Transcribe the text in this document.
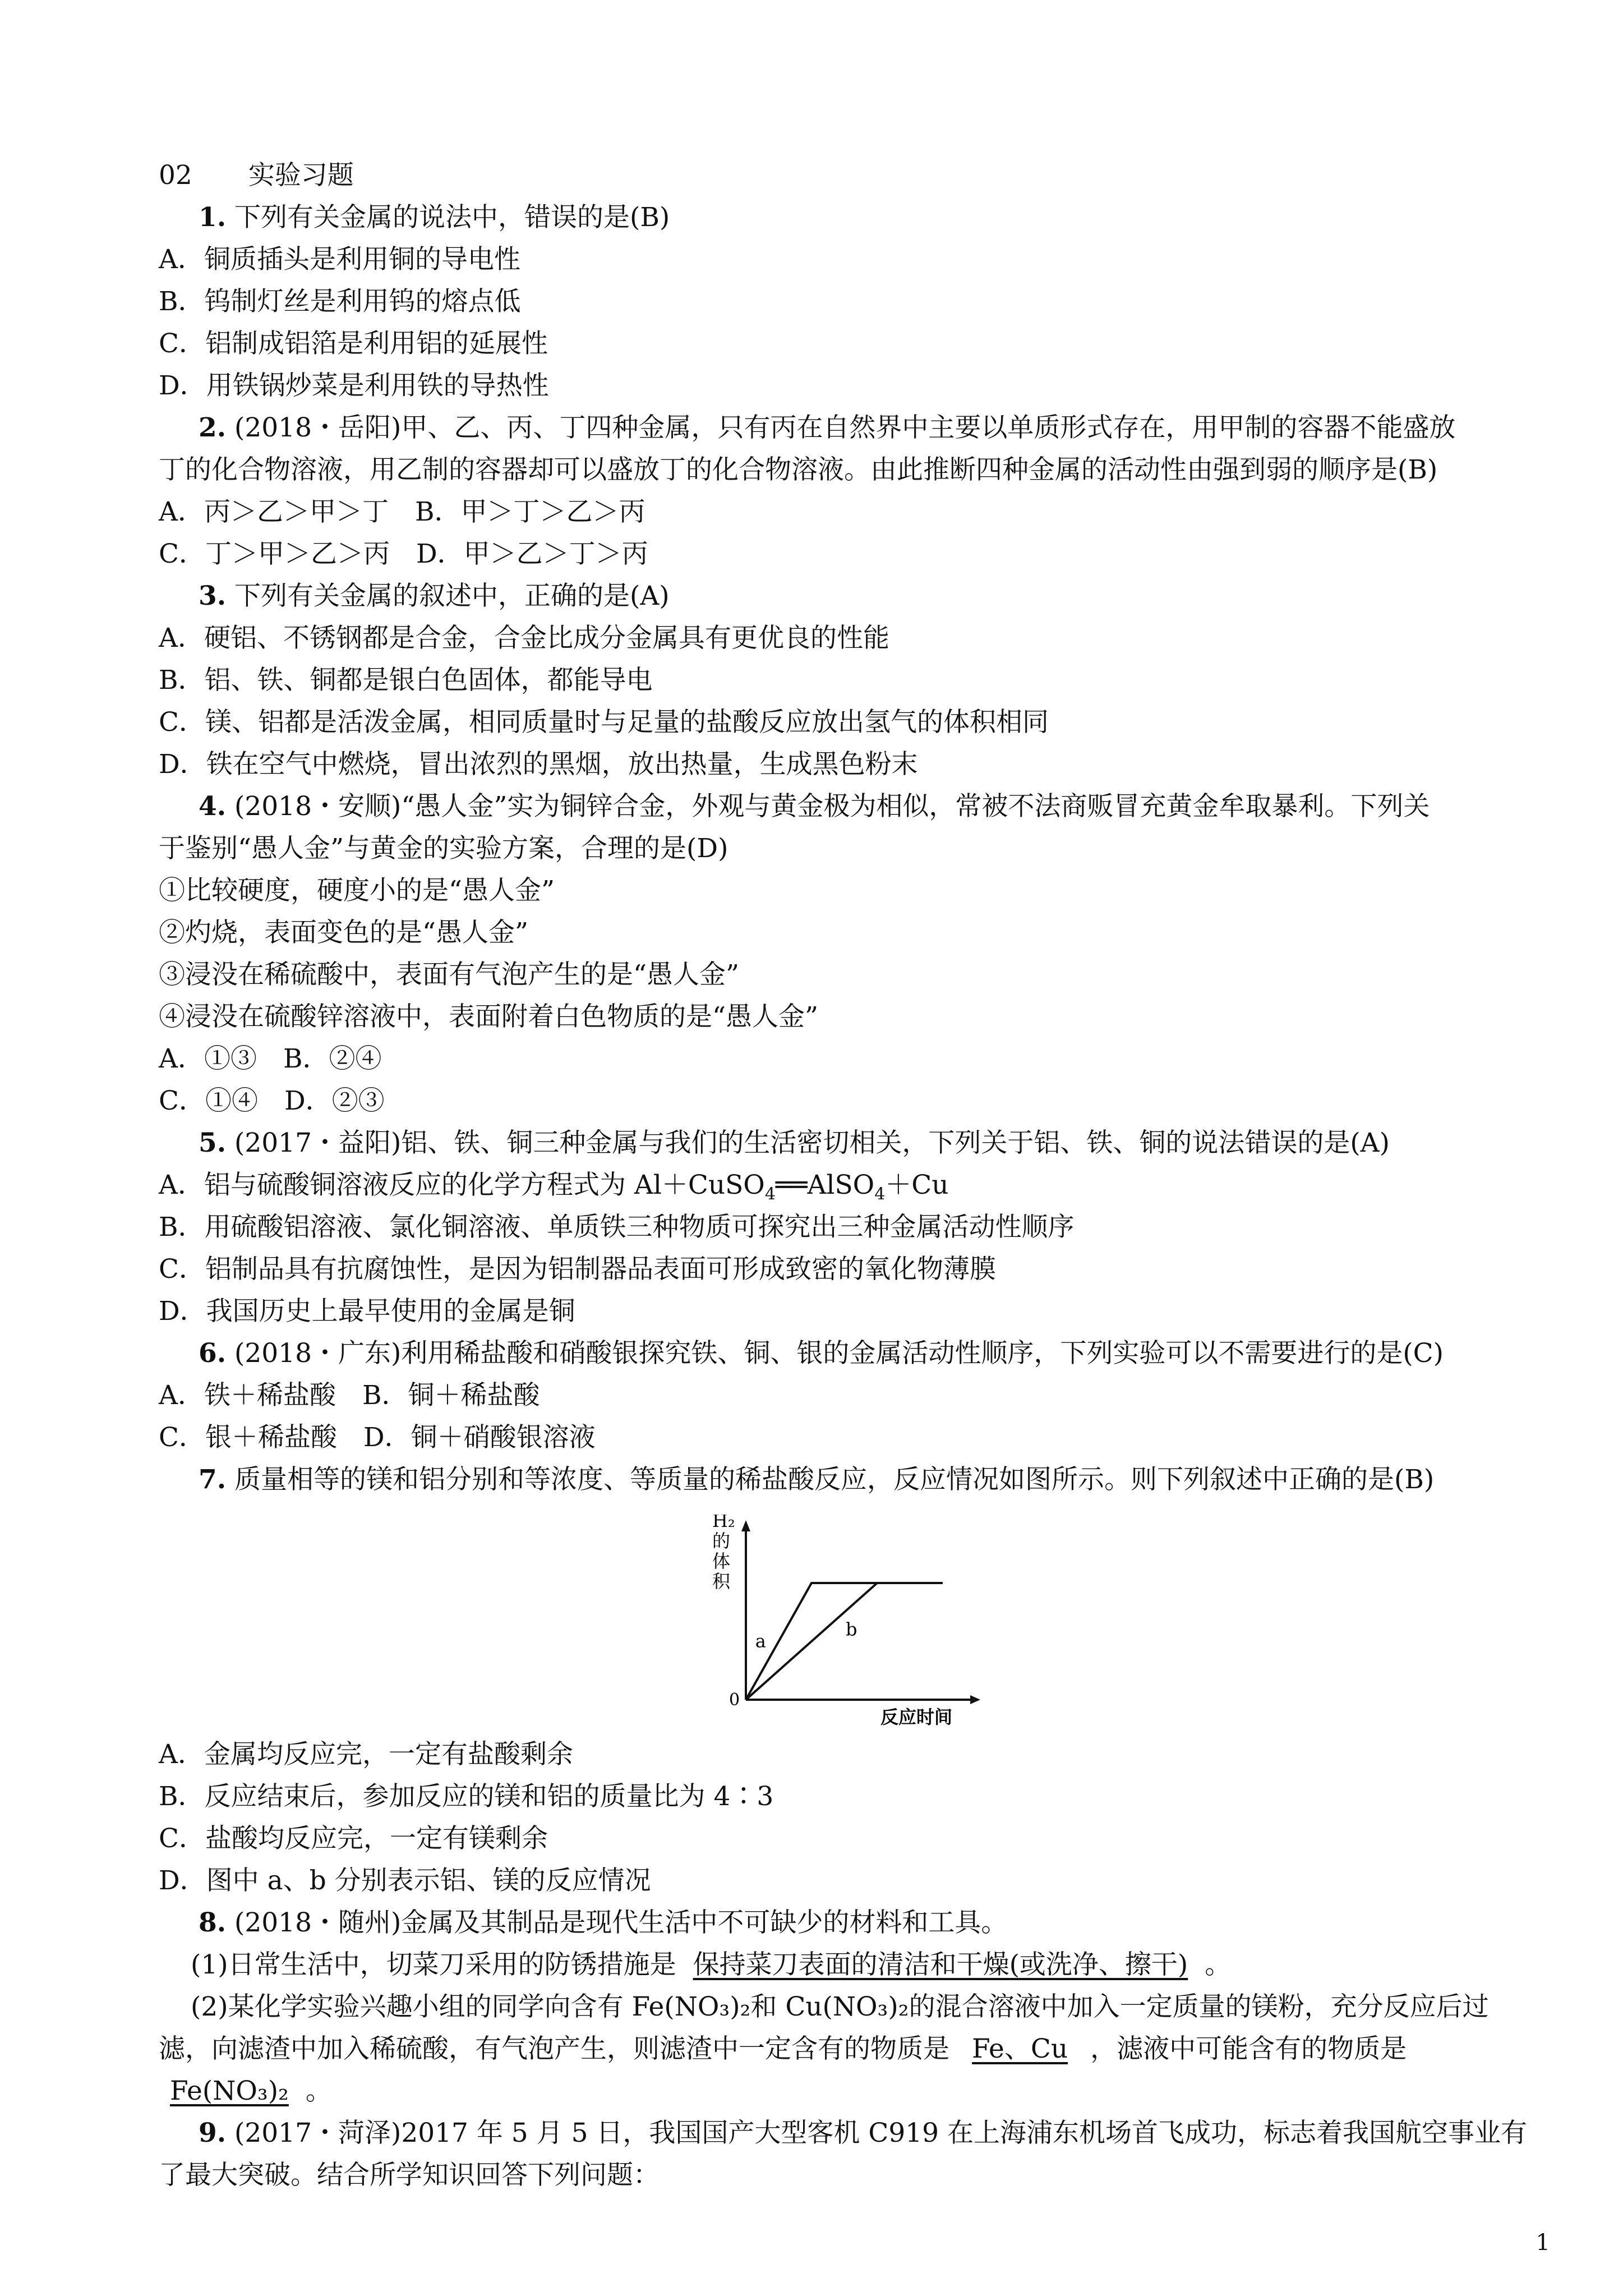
02 实验习题
1. 下列有关金属的说法中，错误的是(B)
A．铜质插头是利用铜的导电性
B．钨制灯丝是利用钨的熔点低
C．铝制成铝箔是利用铝的延展性
D．用铁锅炒菜是利用铁的导热性
2. (2018・岳阳)甲、乙、丙、丁四种金属，只有丙在自然界中主要以单质形式存在，用甲制的容器不能盛放
丁的化合物溶液，用乙制的容器却可以盛放丁的化合物溶液。由此推断四种金属的活动性由强到弱的顺序是(B)
A．丙＞乙＞甲＞丁　B．甲＞丁＞乙＞丙
C．丁＞甲＞乙＞丙　D．甲＞乙＞丁＞丙
3. 下列有关金属的叙述中，正确的是(A)
A．硬铝、不锈钢都是合金，合金比成分金属具有更优良的性能
B．铝、铁、铜都是银白色固体，都能导电
C．镁、铝都是活泼金属，相同质量时与足量的盐酸反应放出氢气的体积相同
D．铁在空气中燃烧，冒出浓烈的黑烟，放出热量，生成黑色粉末
4. (2018・安顺)“愚人金”实为铜锌合金，外观与黄金极为相似，常被不法商贩冒充黄金牟取暴利。下列关
于鉴别“愚人金”与黄金的实验方案，合理的是(D)
①比较硬度，硬度小的是“愚人金”
②灼烧，表面变色的是“愚人金”
③浸没在稀硫酸中，表面有气泡产生的是“愚人金”
④浸没在硫酸锌溶液中，表面附着白色物质的是“愚人金”
A．①③　B．②④
C．①④　D．②③
5. (2017・益阳)铝、铁、铜三种金属与我们的生活密切相关，下列关于铝、铁、铜的说法错误的是(A)
A．铝与硫酸铜溶液反应的化学方程式为 Al＋CuSO$_4$══AlSO$_4$＋Cu
B．用硫酸铝溶液、氯化铜溶液、单质铁三种物质可探究出三种金属活动性顺序
C．铝制品具有抗腐蚀性，是因为铝制器品表面可形成致密的氧化物薄膜
D．我国历史上最早使用的金属是铜
6. (2018・广东)利用稀盐酸和硝酸银探究铁、铜、银的金属活动性顺序，下列实验可以不需要进行的是(C)
A．铁＋稀盐酸　B．铜＋稀盐酸
C．银＋稀盐酸　D．铜＋硝酸银溶液
7. 质量相等的镁和铝分别和等浓度、等质量的稀盐酸反应，反应情况如图所示。则下列叙述中正确的是(B)
H₂ 的体积
0
反应时间
a
b
A．金属均反应完，一定有盐酸剩余
B．反应结束后，参加反应的镁和铝的质量比为 4∶3
C．盐酸均反应完，一定有镁剩余
D．图中 a、b 分别表示铝、镁的反应情况
8. (2018・随州)金属及其制品是现代生活中不可缺少的材料和工具。
(1)日常生活中，切菜刀采用的防锈措施是 保持菜刀表面的清洁和干燥(或洗净、擦干) 。
(2)某化学实验兴趣小组的同学向含有 Fe(NO₃)₂和 Cu(NO₃)₂的混合溶液中加入一定质量的镁粉，充分反应后过
滤，向滤渣中加入稀硫酸，有气泡产生，则滤渣中一定含有的物质是 Fe、Cu ，滤液中可能含有的物质是
Fe(NO₃)₂ 。
9. (2017・菏泽)2017 年 5 月 5 日，我国国产大型客机 C919 在上海浦东机场首飞成功，标志着我国航空事业有
了最大突破。结合所学知识回答下列问题：
1
